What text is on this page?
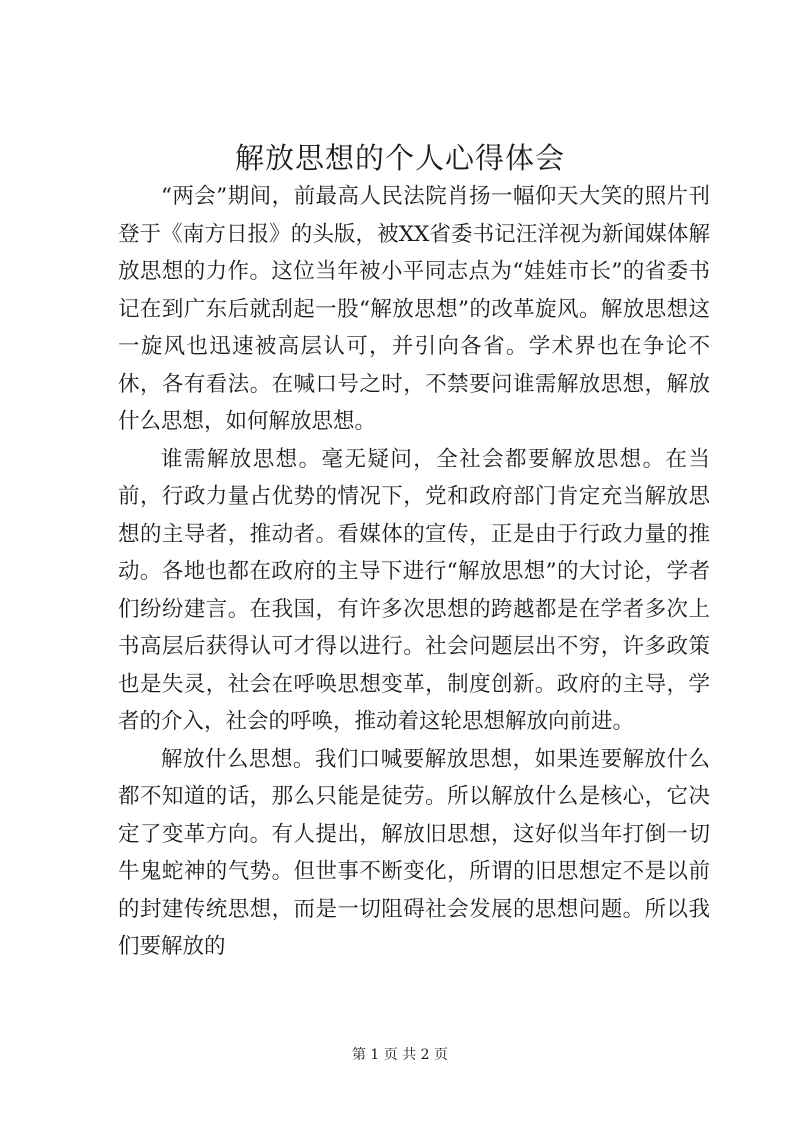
解放思想的个人心得体会

“两会”期间，前最高人民法院肖扬一幅仰天大笑的照片刊登于《南方日报》的头版，被XX省委书记汪洋视为新闻媒体解放思想的力作。这位当年被小平同志点为“娃娃市长”的省委书记在到广东后就刮起一股“解放思想”的改革旋风。解放思想这一旋风也迅速被高层认可，并引向各省。学术界也在争论不休，各有看法。在喊口号之时，不禁要问谁需解放思想，解放什么思想，如何解放思想。

谁需解放思想。毫无疑问，全社会都要解放思想。在当前，行政力量占优势的情况下，党和政府部门肯定充当解放思想的主导者，推动者。看媒体的宣传，正是由于行政力量的推动。各地也都在政府的主导下进行“解放思想”的大讨论，学者们纷纷建言。在我国，有许多次思想的跨越都是在学者多次上书高层后获得认可才得以进行。社会问题层出不穷，许多政策也是失灵，社会在呼唤思想变革，制度创新。政府的主导，学者的介入，社会的呼唤，推动着这轮思想解放向前进。

解放什么思想。我们口喊要解放思想，如果连要解放什么都不知道的话，那么只能是徒劳。所以解放什么是核心，它决定了变革方向。有人提出，解放旧思想，这好似当年打倒一切牛鬼蛇神的气势。但世事不断变化，所谓的旧思想定不是以前的封建传统思想，而是一切阻碍社会发展的思想问题。所以我们要解放的

第 1 页 共 2 页
